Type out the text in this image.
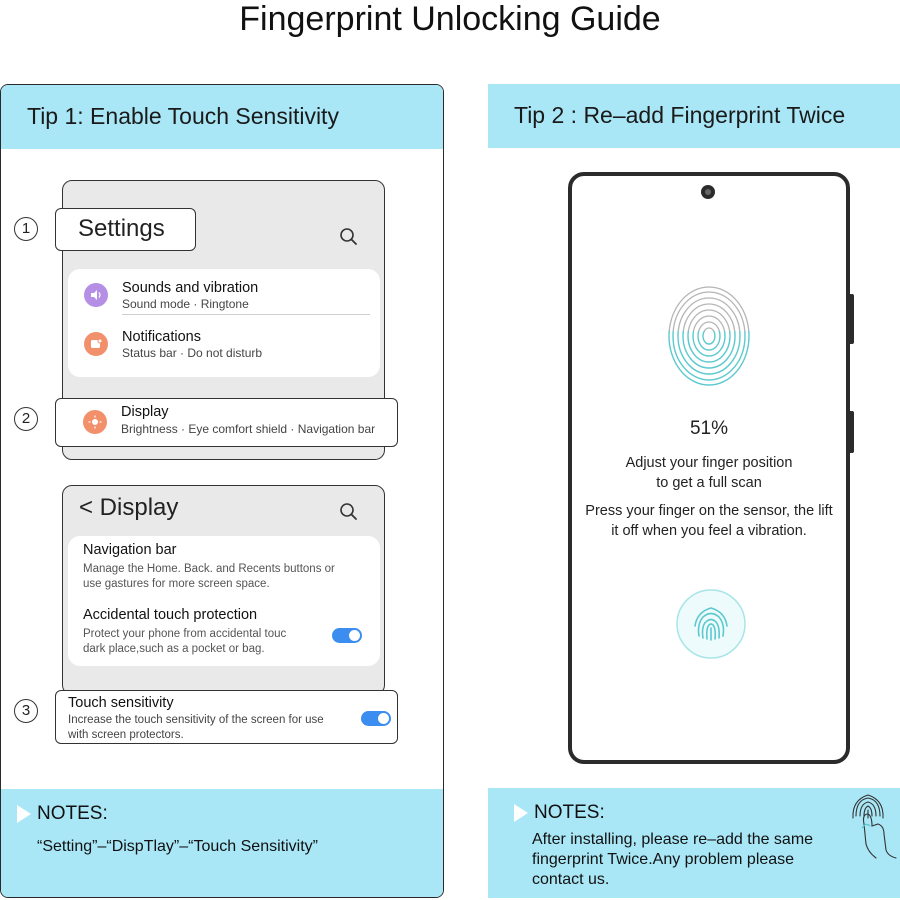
Fingerprint Unlocking Guide
Tip 1: Enable Touch Sensitivity
1
2
3
Sounds and vibration
Sound mode · Ringtone
Notifications
Status bar · Do not disturb
Settings
Display
Brightness · Eye comfort shield · Navigation bar
< Display
Navigation bar
Manage the Home. Back. and Recents buttons or use gastures for more screen space.
Accidental touch protection
Protect your phone from accidental touc dark place,such as a pocket or bag.
Touch sensitivity
Increase the touch sensitivity of the screen for use with screen protectors.
NOTES:
“Setting”–“DispTlay”–“Touch Sensitivity”
Tip 2 : Re–add Fingerprint Twice
51%
Adjust your finger position
to get a full scan
Press your finger on the sensor, the lift
it off when you feel a vibration.
NOTES:
After installing, please re–add the same fingerprint Twice.Any problem please contact us.
